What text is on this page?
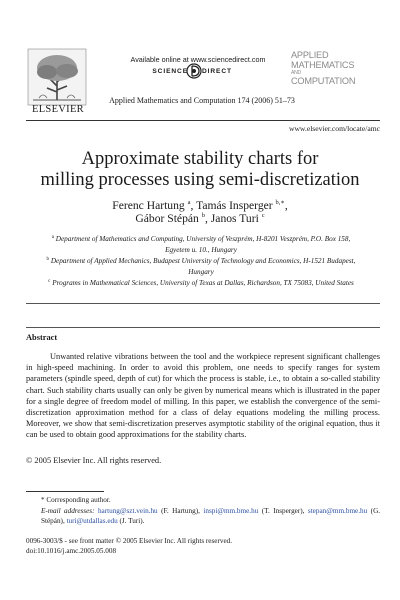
ELSEVIER
Available online at www.sciencedirect.com
SCIENCE DIRECT
Applied Mathematics and Computation 174 (2006) 51–73
APPLIED
MATHEMATICS
AND
COMPUTATION
www.elsevier.com/locate/amc
Approximate stability charts for
milling processes using semi-discretization
Ferenc Hartung $^a$, Tamás Insperger $^{b,∗}$,
Gábor Stépán $^b$, Janos Turi $^c$
$^a$ Department of Mathematics and Computing, University of Veszprém, H-8201 Veszprém, P.O. Box 158, Egyetem u. 10., Hungary
$^b$ Department of Applied Mechanics, Budapest University of Technology and Economics, H-1521 Budapest, Hungary
$^c$ Programs in Mathematical Sciences, University of Texas at Dallas, Richardson, TX 75083, United States
Abstract
Unwanted relative vibrations between the tool and the workpiece represent significant challenges in high-speed machining. In order to avoid this problem, one needs to specify ranges for system parameters (spindle speed, depth of cut) for which the process is stable, i.e., to obtain a so-called stability chart. Such stability charts usually can only be given by numerical means which is illustrated in the paper for a single degree of freedom model of milling. In this paper, we establish the convergence of the semi-discretization approximation method for a class of delay equations modeling the milling process. Moreover, we show that semi-discretization preserves asymptotic stability of the original equation, thus it can be used to obtain good approximations for the stability charts.
© 2005 Elsevier Inc. All rights reserved.
* Corresponding author.
E-mail addresses: hartung@szt.vein.hu (F. Hartung), inspi@mm.bme.hu (T. Insperger), stepan@mm.bme.hu (G. Stépán), turi@utdallas.edu (J. Turi).
0096-3003/$ - see front matter © 2005 Elsevier Inc. All rights reserved.
doi:10.1016/j.amc.2005.05.008
